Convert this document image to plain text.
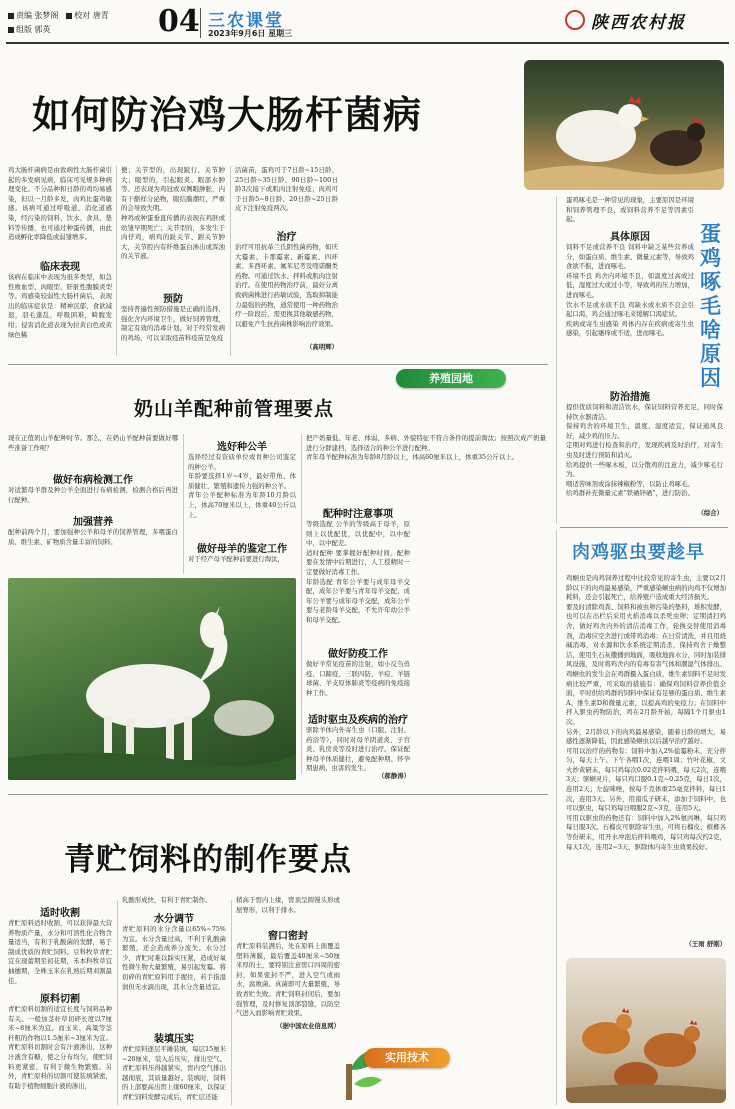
责编 张梦阁 校对 唐青
组版 郭英	04 三农课堂
2023年9月6日 星期三
陕西农村报
如何防治鸡大肠杆菌病
鸡大肠杆菌病是由致病性大肠杆菌引起的多发病见病，临床可见规多种病理变化。不分品种和日龄的鸡均易感染，但以一月龄多发，肉鸡比蛋鸡敏感。该病可通过呼吸道、消化道感染，经污染的饲料、饮水、食具、垫料等传播，也可通过种蛋传播，由此造成孵化率降低或弱雏增多。
临床表现
该病在临床中表现为很多类型，如急性败血型、肉眼型、肝脏性腹膜炎型等。鸡感染较弱性大肠杆菌后，表现出的临床症状是：精神沉郁，食欲减退，羽毛蓬乱，呼吸困难，畸腹发绀；侵害消化道表现为拉黄白色或黄绿色稀
便；关节型的，出现跛行，关节肿大；眼型的，引起眼炎、眼部水肿等。还表现为鸡冠或双侧眼肿胀，内有干酪样分泌物，眼结膜潮红，严重的会导致失明。
种鸡或种蛋垂直传播的表现在鸡胚或幼雏早期死亡；关节型的，多发生于肉仔鸡，病鸡的趾关节、跗关节肿大，关节腔内有纤维蛋白渗出或浑浊的关节液。
预防
坚持普遍性预防措施是正确的选择，强化舍内环境卫生，做好饲养管理，制定有效的消毒计划。对于经常发病的鸡场，可以采取疫苗科疫苗是免疫
活菌苗，蛋鸡可于7日龄~15日龄、25日龄~35日龄、90日龄~100日龄3次接下或肌肉注射免疫；肉鸡可于日龄5~8日龄、20日龄~25日龄皮下注射免疫两次。
治疗
治疗可用抗革兰氏阴性菌药物，如庆大霉素、卡那霉素、新霉素、四环素、多西环素、氟苯尼考及喹诺酮类药物。可通过饮水、拌料或肌肉注射治疗。在使用药物治疗前，最好分离致病菌株进行药敏试验，选取抑制能力最强的药物，通常使用一种药物治疗一阶段后，需更换其他敏感药物，以避免产生抗药菌株影响治疗效果。
（高明辉）
蛋鸡啄毛是一种常见的现象，主要原因是环境和饲养管理不良，或饲料营养不足等因素引起。
蛋鸡啄毛啥原因
具体原因
饲料不足或营养不良 饲料中缺乏某些营养成分，如蛋白质、维生素、微量元素等，导致鸡食欲不振，进而啄毛。
环境不良 鸡舍内环境不良，如温度过高或过低，湿度过大或过小等，导致鸡的压力增加，进而啄毛。
饮水不足或水质不良 鸡缺水或水质不良会引起口渴，鸡会通过啄毛来缓解口渴症状。
疾病或寄生虫感染 鸡体内存在疾病或寄生虫感染，引起瘙痒或不适，进而啄毛。
防治措施
提供优质饲料和清洁饮水，保证饲料营养充足，同时保持饮水器清洁。
保持鸡舍的环境卫生，温度、湿度适宜，保证通风良好，减少鸡的压力。
定期对鸡进行检查和治疗，发现疾病及时治疗，对寄生虫及时进行预防和消灭。
给鸡提供一些啄木板，以分散鸡的注意力，减少啄毛行为。
喂适苦味剂或涂抹辣椒粉等，以防止鸡啄毛。
给鸡群补充微量元素“铁硒锌硒”，进行防治。
（综合）
养殖园地
奶山羊配种前管理要点
现在正值奶山羊配种时节。那么，在奶山羊配种前要做好哪些准备工作呢？
做好布病检测工作
对适繁母羊群及种公羊全面进行布病检测，检测合格后再进行配种。
加强营养
配种前两个月，要加强种公羊和母羊的饲养管理，多喂蛋白质、维生素、矿物质含量丰富的饲料。
选好种公羊
选择经过有资质单位或育种公司鉴定的种公羊。
年龄要选择1岁~4岁，最好带角、体质健壮，繁殖和遗传力强的种公羊。
青年公羊配种标准为年龄10月龄以上，体高70厘米以上，体重40公斤以上。
做好母羊的鉴定工作
对于经产母羊配种前要进行淘汰，
把产奶量低、年老、体弱、多病、外貌特征不符合条件的提前淘汰；按照次成产奶量进行分群建档，选择适合的种公羊进行配种。
青年母羊配种标准为年龄8月龄以上，体高60厘米以上，体重35公斤以上。
配种时注意事项
等级选配 公羊的等级高于母羊，原则上以优配优，以优配中，以中配中，以中配差。
适时配种 要掌握好配种时间，配种要在发情中后期进行，人工授精时一定要做好消毒工作。
年龄选配 青年公羊要与成年母羊交配，成年公羊要与青年母羊交配，成年公羊要与成年母羊交配，成年公羊要与老龄母羊交配，不允许年幼公羊和母羊交配。
做好防疫工作
做好羊常见疫苗的注射，如小反刍兽疫、口蹄疫、三联四防、羊痘、羊链球菌、羊支原体肺炎等疫病的免疫接种工作。
适时驱虫及疾病的治疗
驱除羊体内外寄生虫（口服、注射、药浴等），同时对母羊阴道炎、子宫炎、乳房炎等及时进行治疗。保证配种母羊体质健壮，避免配种期、怀孕期患病、虫害的发生。
（郝静涛）
肉鸡驱虫要趁早
鸡蛔虫是肉鸡饲养过程中比较常见的寄生虫，主要以2月龄以下的肉鸡最易感染，严重感染蛔虫病的肉鸡不仅增加耗料，还会引起死亡，给养殖户造成重大经济损失。
要及时清除鸡粪、饲料和被虫卵污染的垫料，堆积发酵，也可以在出栏后采用火焰消毒以杀死虫卵；定期清扫鸡舍，做好鸡舍内外的清洁消毒工作，轮换交替使用消毒剂，消毒应空舍进行或带鸡消毒；在日常清洗，并且用烧碱消毒，对水源和饮水系统定期消杀，保持鸡舍干燥整洁，使用生石灰撒播到地面，吸收地面水分，同时加装排风设施，及时将鸡舍内的有毒有害气体和潮湿气体排出。
鸡蛔虫的发生会在鸡群摄入蛋白质，维生素饲料不足时发病比较严重，可采取的措施有：确保鸡饲料营养价值全面，平时供给鸡群的饲料中保证有足够的蛋白质、维生素A、维生素D和微量元素，以提高鸡的免疫力；在饲料中拌入驱虫药物防治，鸡在2月龄开始，每隔1个月驱虫1次。
另外，2月龄以下的肉鸡最易感染，随着日龄的增大，易感性逐渐降低，因此感染蛔虫以后越早治疗越好。
可用以治疗的药物有：饲料中加入2%盐霉粉末，充分拌匀，每天上午、下午各喂1次，连喂1周；竹叶花椒，文火炒黄研末，每只鸡每次0.02克拌料喂，每天2次，连喂3天；驱蛔灵片，每只鸡口服0.1克~0.25克，每日1次，连用2天；左旋咪唑，按每千克体重25毫克拌料，每日1次，连用3天。另外，用南瓜子研末，添加于饲料中，也可以驱虫，每只鸡每日喂服2克~3克，连用5天。
可用以驱虫的药物还有：饲料中加入2%氨丙啉，每只鸡每日服3次。石榴皮可驱除寄生虫，可将石榴皮、槟榔各等份研末，用开水冲泡后拌料喂鸡，每只鸡每次约2克，每天1次，连用2~3天，驱除体内寄生虫效果较好。
（王雨 舒刚）
青贮饲料的制作要点
适时收割
青贮原料适时收割，可以获得最大营养物质产量，水分和可溶性化合物含量适当，有利于乳酸菌的发酵，易于制成优质的青贮饲料。豆科牧草青贮宜在现蕾期至初花期，禾本科牧草宜抽穗期，全株玉米在乳熟后期刈割最佳。
原料切割
青贮原料切割的适宜长度与饲料品种有关。一般加茎秆草切碎长度以7厘米~8厘米为宜。而玉米、高粱等茎秆粗的作物以1.5厘米~3厘米为宜。青贮原料切割时会有汁液渗出，这种汁液含有糖，使之分布均匀，使贮饲料更紧密，有利于微生物繁殖。另外，青贮原料的切割可使装填紧密，有助于植物细胞汁液的渗出，
乳酸形成快，有利于青贮制作。
水分调节
青贮原料的水分含量以65%~75%为宜。水分含量过高，不利于乳酸菌繁殖，还会造成养分流失。水分过少，青贮时难以踩实压紧，造成好氧性微生物大量繁殖，易引起发霉。将切碎的青贮原料用手握住，若手指湿润但无水滴出现，其水分含量适宜。
装填压实
青贮原料逐层平摊装填，每层15厘米~20厘米，装入后压实，排出空气。青贮原料压得越紧实，窖内空气排出越彻底，其质量越好。装填时，饲料的上部要高出窖上缘60厘米，以保证青贮饲料发酵完成后，青贮层还能
稍高于窖内上缘，窖顶呈圆馒头形或屋脊形，以利于排水。
窖口密封
青贮原料装满后，先在原料上面覆盖塑料薄膜，最后覆盖40厘米~50厘米厚的土，要特别注意窖口四周的密封，如果密封不严，进入空气或雨水，腐败菌、真菌即可大量繁殖，导致青贮失败。青贮饲料封闭后，要加强管理，及时修复顶部裂缝，以防空气进入而影响青贮效果。
（据中国农业信息网）
实用技术
